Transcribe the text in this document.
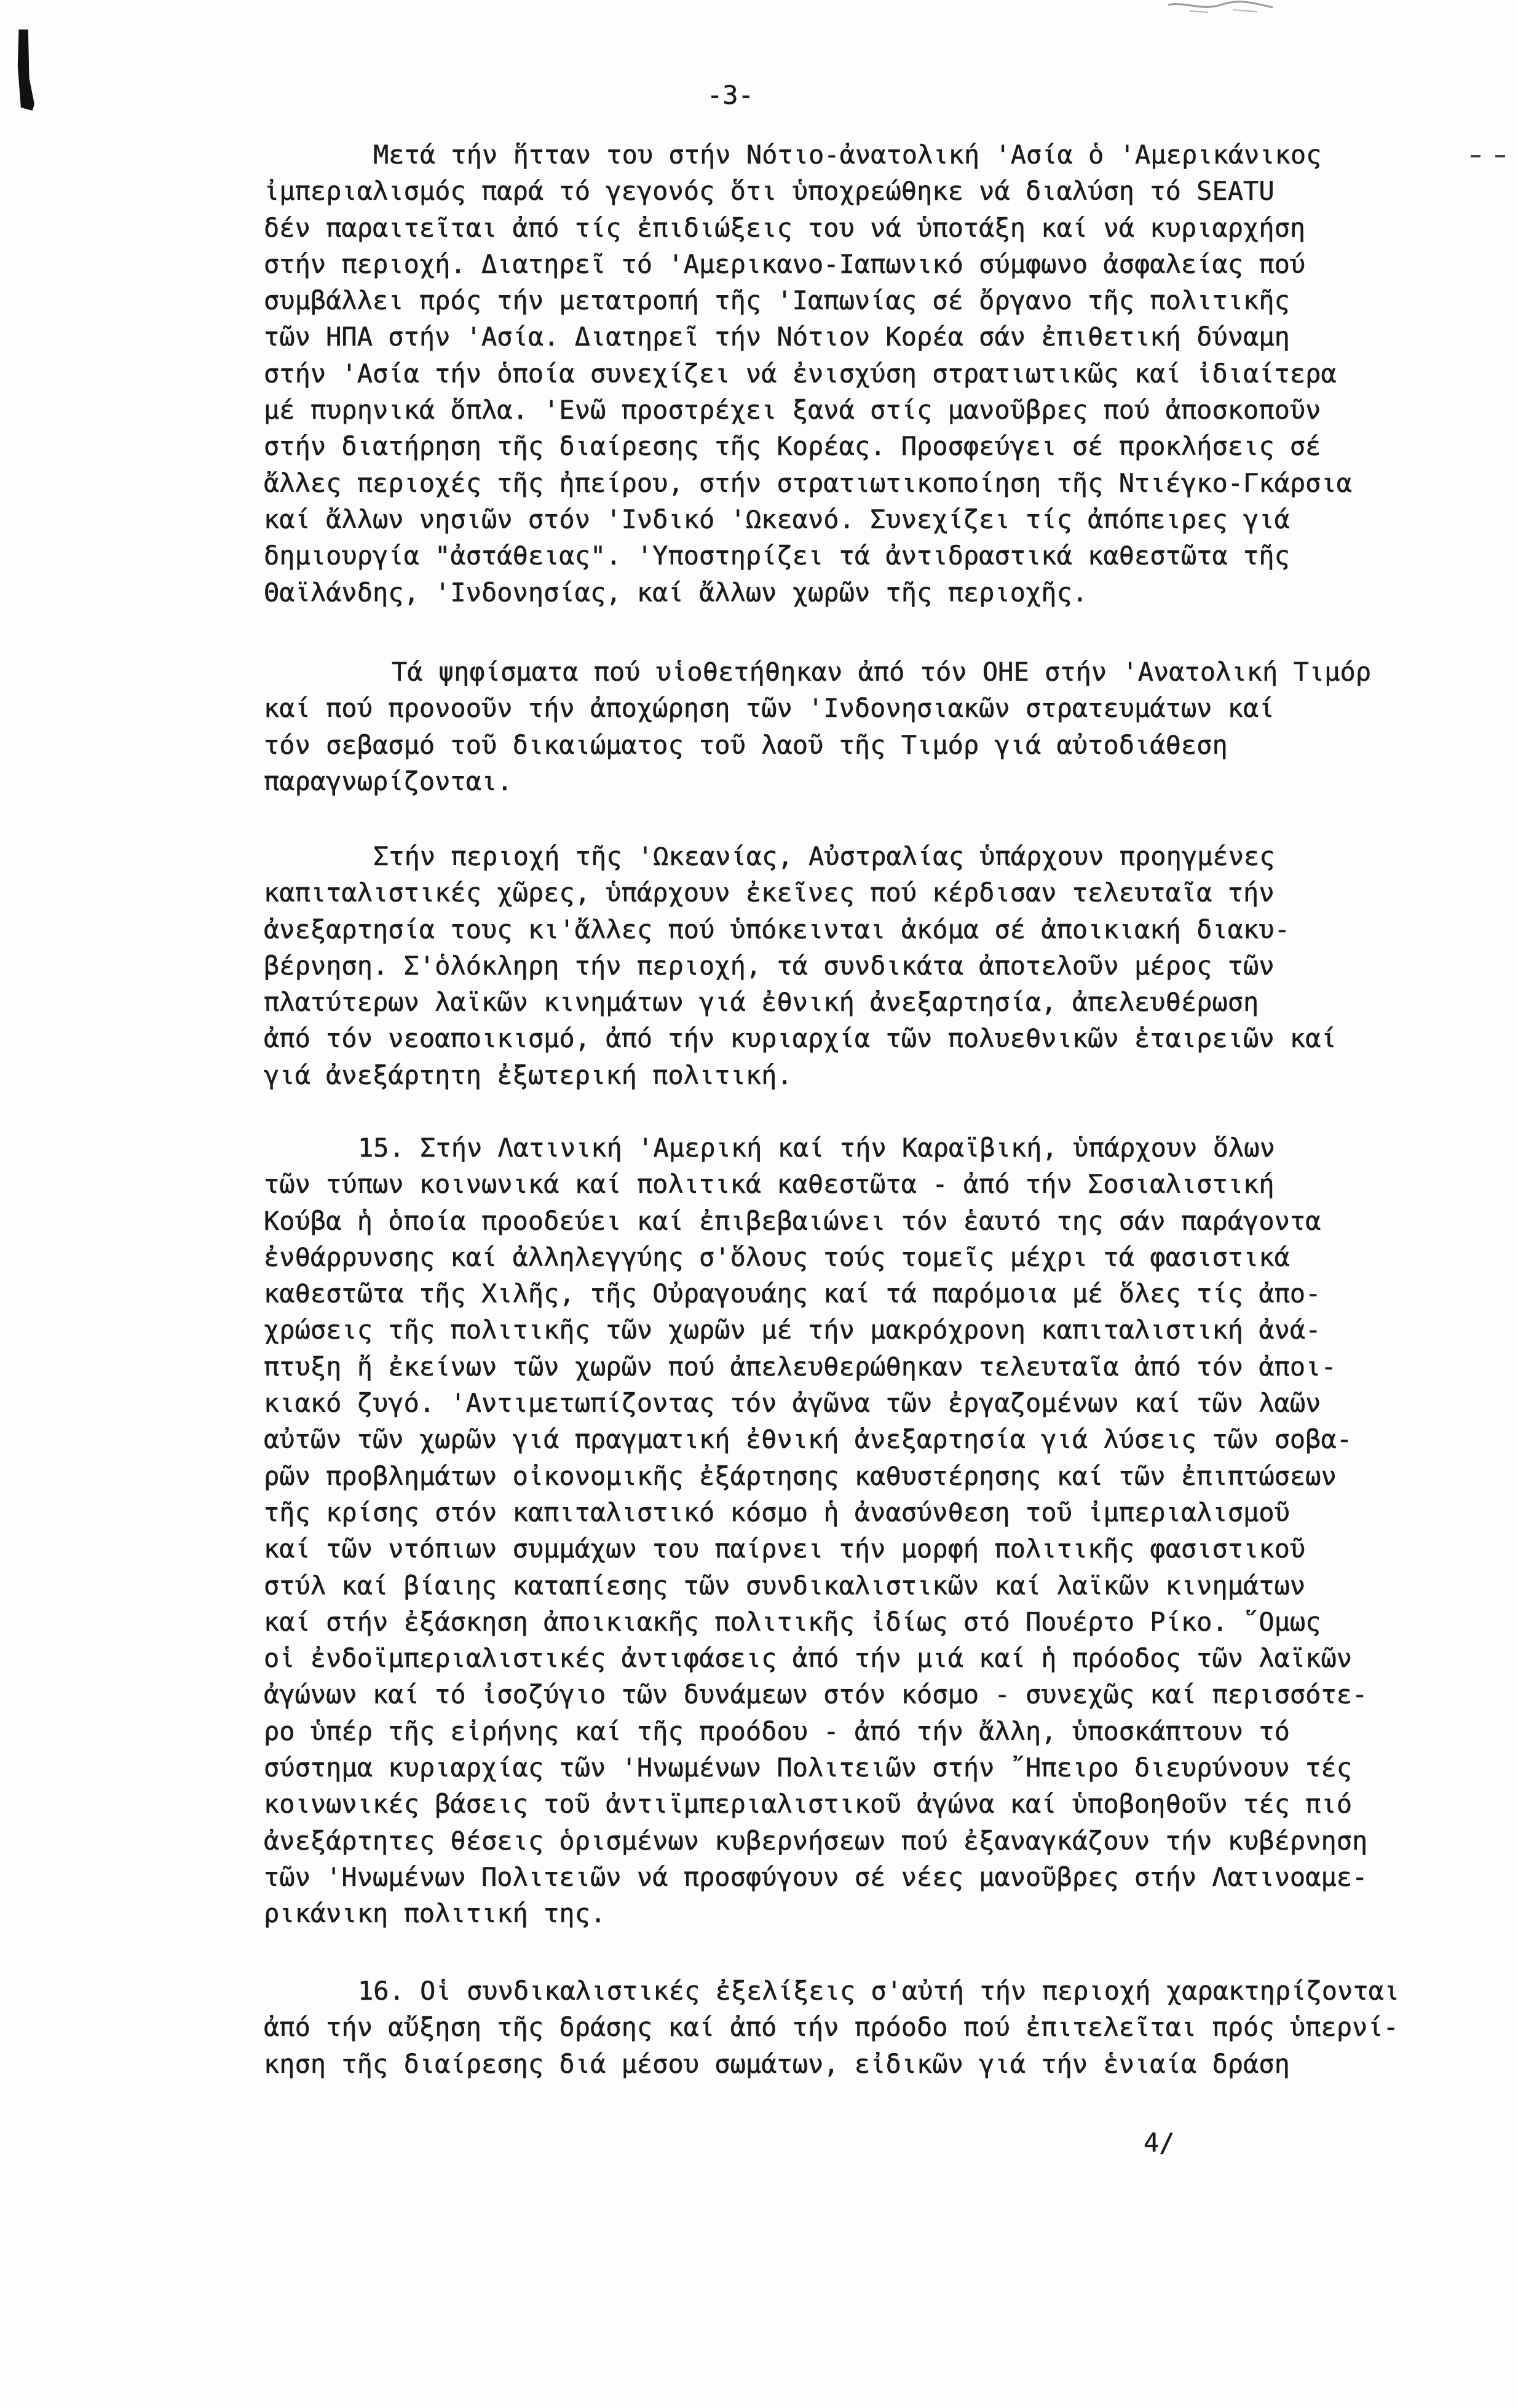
-3-
Μετά τήν ἥτταν του στήν Νότιο-ἀνατολική 'Ασία ὁ 'Αμερικάνικος
ἰμπεριαλισμός παρά τό γεγονός ὅτι ὑποχρεώθηκε νά διαλύση τό SEATU
δέν παραιτεῖται ἀπό τίς ἐπιδιώξεις του νά ὑποτάξη καί νά κυριαρχήση
στήν περιοχή. Διατηρεῖ τό 'Αμερικανο-Ιαπωνικό σύμφωνο ἀσφαλείας πού
συμβάλλει πρός τήν μετατροπή τῆς 'Ιαπωνίας σέ ὄργανο τῆς πολιτικῆς
τῶν ΗΠΑ στήν 'Ασία. Διατηρεῖ τήν Νότιον Κορέα σάν ἐπιθετική δύναμη
στήν 'Ασία τήν ὁποία συνεχίζει νά ἐνισχύση στρατιωτικῶς καί ἰδιαίτερα
μέ πυρηνικά ὅπλα. 'Ενῶ προστρέχει ξανά στίς μανοῦβρες πού ἀποσκοποῦν
στήν διατήρηση τῆς διαίρεσης τῆς Κορέας. Προσφεύγει σέ προκλήσεις σέ
ἄλλες περιοχές τῆς ἠπείρου, στήν στρατιωτικοποίηση τῆς Ντιέγκο-Γκάρσια
καί ἄλλων νησιῶν στόν 'Ινδικό 'Ωκεανό. Συνεχίζει τίς ἀπόπειρες γιά
δημιουργία "ἀστάθειας". 'Υποστηρίζει τά ἀντιδραστικά καθεστῶτα τῆς
Θαϊλάνδης, 'Ινδονησίας, καί ἄλλων χωρῶν τῆς περιοχῆς.
Τά ψηφίσματα πού υἱοθετήθηκαν ἀπό τόν ΟΗΕ στήν 'Ανατολική Τιμόρ
καί πού προνοοῦν τήν ἀποχώρηση τῶν 'Ινδονησιακῶν στρατευμάτων καί
τόν σεβασμό τοῦ δικαιώματος τοῦ λαοῦ τῆς Τιμόρ γιά αὐτοδιάθεση
παραγνωρίζονται.
Στήν περιοχή τῆς 'Ωκεανίας, Αὐστραλίας ὑπάρχουν προηγμένες
καπιταλιστικές χῶρες, ὑπάρχουν ἐκεῖνες πού κέρδισαν τελευταῖα τήν
ἀνεξαρτησία τους κι'ἄλλες πού ὑπόκεινται ἀκόμα σέ ἀποικιακή διακυ-
βέρνηση. Σ'ὁλόκληρη τήν περιοχή, τά συνδικάτα ἀποτελοῦν μέρος τῶν
πλατύτερων λαϊκῶν κινημάτων γιά ἐθνική ἀνεξαρτησία, ἀπελευθέρωση
ἀπό τόν νεοαποικισμό, ἀπό τήν κυριαρχία τῶν πολυεθνικῶν ἑταιρειῶν καί
γιά ἀνεξάρτητη ἐξωτερική πολιτική.
15. Στήν Λατινική 'Αμερική καί τήν Καραϊβική, ὑπάρχουν ὅλων
τῶν τύπων κοινωνικά καί πολιτικά καθεστῶτα - ἀπό τήν Σοσιαλιστική
Κούβα ἡ ὁποία προοδεύει καί ἐπιβεβαιώνει τόν ἑαυτό της σάν παράγοντα
ἐνθάρρυνσης καί ἀλληλεγγύης σ'ὅλους τούς τομεῖς μέχρι τά φασιστικά
καθεστῶτα τῆς Χιλῆς, τῆς Οὐραγουάης καί τά παρόμοια μέ ὅλες τίς ἀπο-
χρώσεις τῆς πολιτικῆς τῶν χωρῶν μέ τήν μακρόχρονη καπιταλιστική ἀνά-
πτυξη ἤ ἐκείνων τῶν χωρῶν πού ἀπελευθερώθηκαν τελευταῖα ἀπό τόν ἀποι-
κιακό ζυγό. 'Αντιμετωπίζοντας τόν ἀγῶνα τῶν ἐργαζομένων καί τῶν λαῶν
αὐτῶν τῶν χωρῶν γιά πραγματική ἐθνική ἀνεξαρτησία γιά λύσεις τῶν σοβα-
ρῶν προβλημάτων οἰκονομικῆς ἐξάρτησης καθυστέρησης καί τῶν ἐπιπτώσεων
τῆς κρίσης στόν καπιταλιστικό κόσμο ἡ ἀνασύνθεση τοῦ ἰμπεριαλισμοῦ
καί τῶν ντόπιων συμμάχων του παίρνει τήν μορφή πολιτικῆς φασιστικοῦ
στύλ καί βίαιης καταπίεσης τῶν συνδικαλιστικῶν καί λαϊκῶν κινημάτων
καί στήν ἐξάσκηση ἀποικιακῆς πολιτικῆς ἰδίως στό Πουέρτο Ρίκο. ῞Ομως
οἱ ἐνδοϊμπεριαλιστικές ἀντιφάσεις ἀπό τήν μιά καί ἡ πρόοδος τῶν λαϊκῶν
ἀγώνων καί τό ἰσοζύγιο τῶν δυνάμεων στόν κόσμο - συνεχῶς καί περισσότε-
ρο ὑπέρ τῆς εἰρήνης καί τῆς προόδου - ἀπό τήν ἄλλη, ὑποσκάπτουν τό
σύστημα κυριαρχίας τῶν 'Ηνωμένων Πολιτειῶν στήν ῎Ηπειρο διευρύνουν τές
κοινωνικές βάσεις τοῦ ἀντιϊμπεριαλιστικοῦ ἀγώνα καί ὑποβοηθοῦν τές πιό
ἀνεξάρτητες θέσεις ὁρισμένων κυβερνήσεων πού ἐξαναγκάζουν τήν κυβέρνηση
τῶν 'Ηνωμένων Πολιτειῶν νά προσφύγουν σέ νέες μανοῦβρες στήν Λατινοαμε-
ρικάνικη πολιτική της.
16. Οἱ συνδικαλιστικές ἐξελίξεις σ'αὐτή τήν περιοχή χαρακτηρίζονται
ἀπό τήν αὔξηση τῆς δράσης καί ἀπό τήν πρόοδο πού ἐπιτελεῖται πρός ὑπερνί-
κηση τῆς διαίρεσης διά μέσου σωμάτων, εἰδικῶν γιά τήν ἑνιαία δράση
4/
